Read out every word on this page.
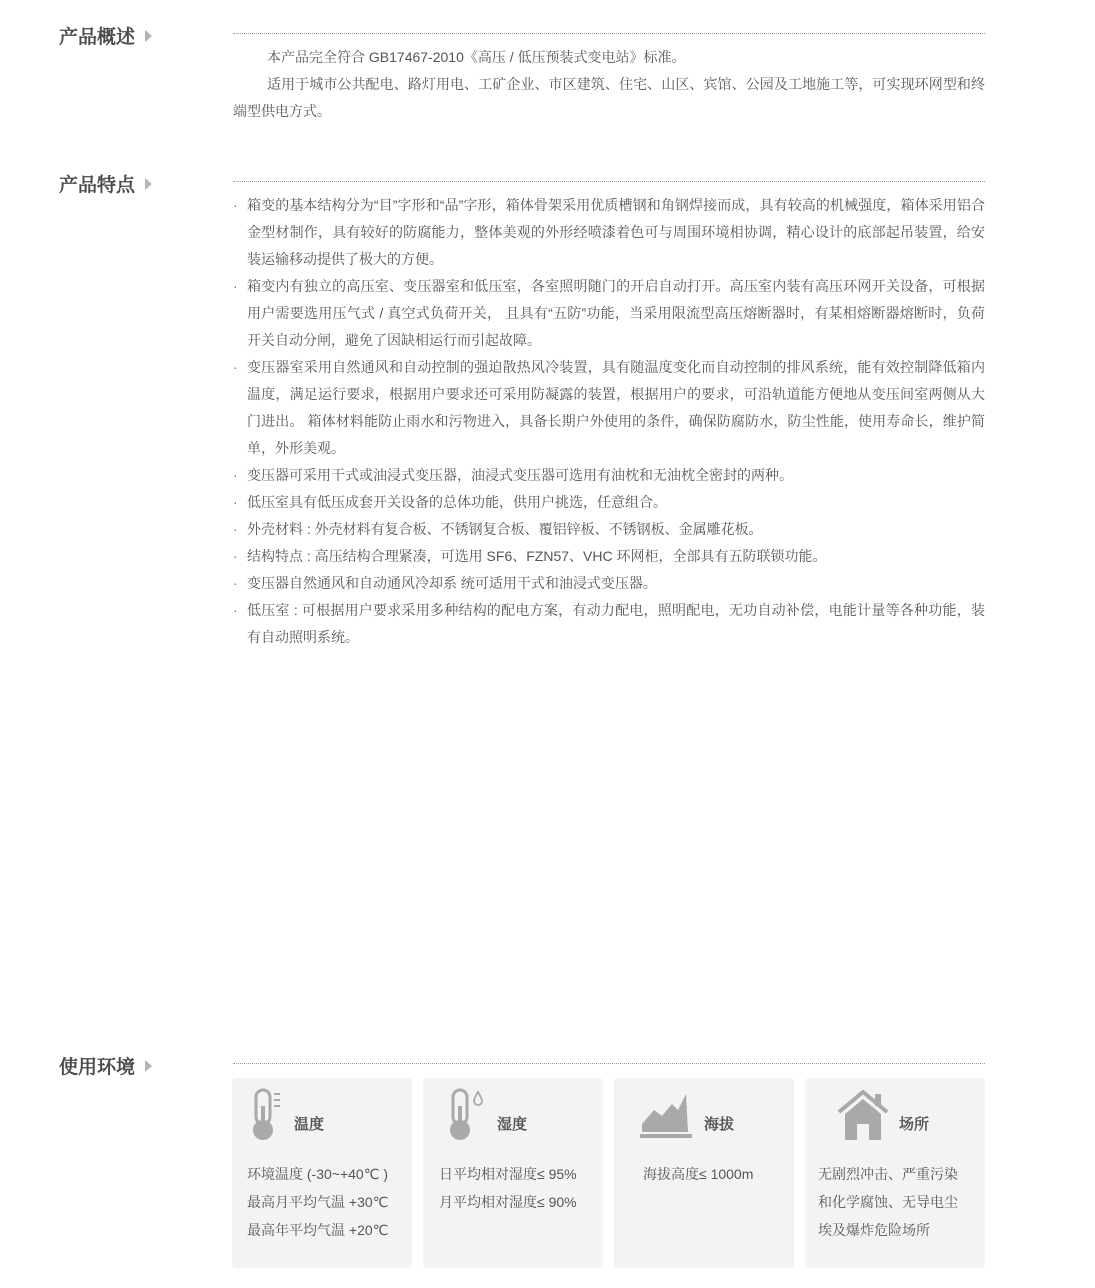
产品概述
本产品完全符合 GB17467-2010《高压 / 低压预装式变电站》标准。
适用于城市公共配电、路灯用电、工矿企业、市区建筑、住宅、山区、宾馆、公园及工地施工等，可实现环网型和终端型供电方式。
产品特点
· 箱变的基本结构分为“目”字形和“品”字形，箱体骨架采用优质槽钢和角钢焊接而成，具有较高的机械强度，箱体采用铝合金型材制作，具有较好的防腐能力，整体美观的外形经喷漆着色可与周围环境相协调，精心设计的底部起吊装置，给安装运输移动提供了极大的方便。
· 箱变内有独立的高压室、变压器室和低压室，各室照明随门的开启自动打开。高压室内装有高压环网开关设备，可根据用户需要选用压气式 / 真空式负荷开关， 且具有“五防”功能，当采用限流型高压熔断器时，有某相熔断器熔断时，负荷开关自动分闸，避免了因缺相运行而引起故障。
· 变压器室采用自然通风和自动控制的强迫散热风冷装置，具有随温度变化而自动控制的排风系统，能有效控制降低箱内温度，满足运行要求，根据用户要求还可采用防凝露的装置，根据用户的要求，可沿轨道能方便地从变压间室两侧从大门进出。 箱体材料能防止雨水和污物进入，具备长期户外使用的条件，确保防腐防水，防尘性能，使用寿命长，维护简单，外形美观。
· 变压器可采用干式或油浸式变压器，油浸式变压器可选用有油枕和无油枕全密封的两种。
· 低压室具有低压成套开关设备的总体功能，供用户挑选，任意组合。
· 外壳材料 : 外壳材料有复合板、不锈钢复合板、覆铝锌板、不锈钢板、金属雕花板。
· 结构特点 : 高压结构合理紧凑，可选用 SF6、FZN57、VHC 环网柜，全部具有五防联锁功能。
· 变压器自然通风和自动通风冷却系 统可适用干式和油浸式变压器。
· 低压室 : 可根据用户要求采用多种结构的配电方案，有动力配电，照明配电，无功自动补偿，电能计量等各种功能，装有自动照明系统。
使用环境
温度
环境温度 (-30~+40℃ )
最高月平均气温 +30℃
最高年平均气温 +20℃
湿度
日平均相对湿度≤ 95%
月平均相对湿度≤ 90%
海拔
海拔高度≤ 1000m
场所
无剧烈冲击、严重污染
和化学腐蚀、无导电尘
埃及爆炸危险场所
